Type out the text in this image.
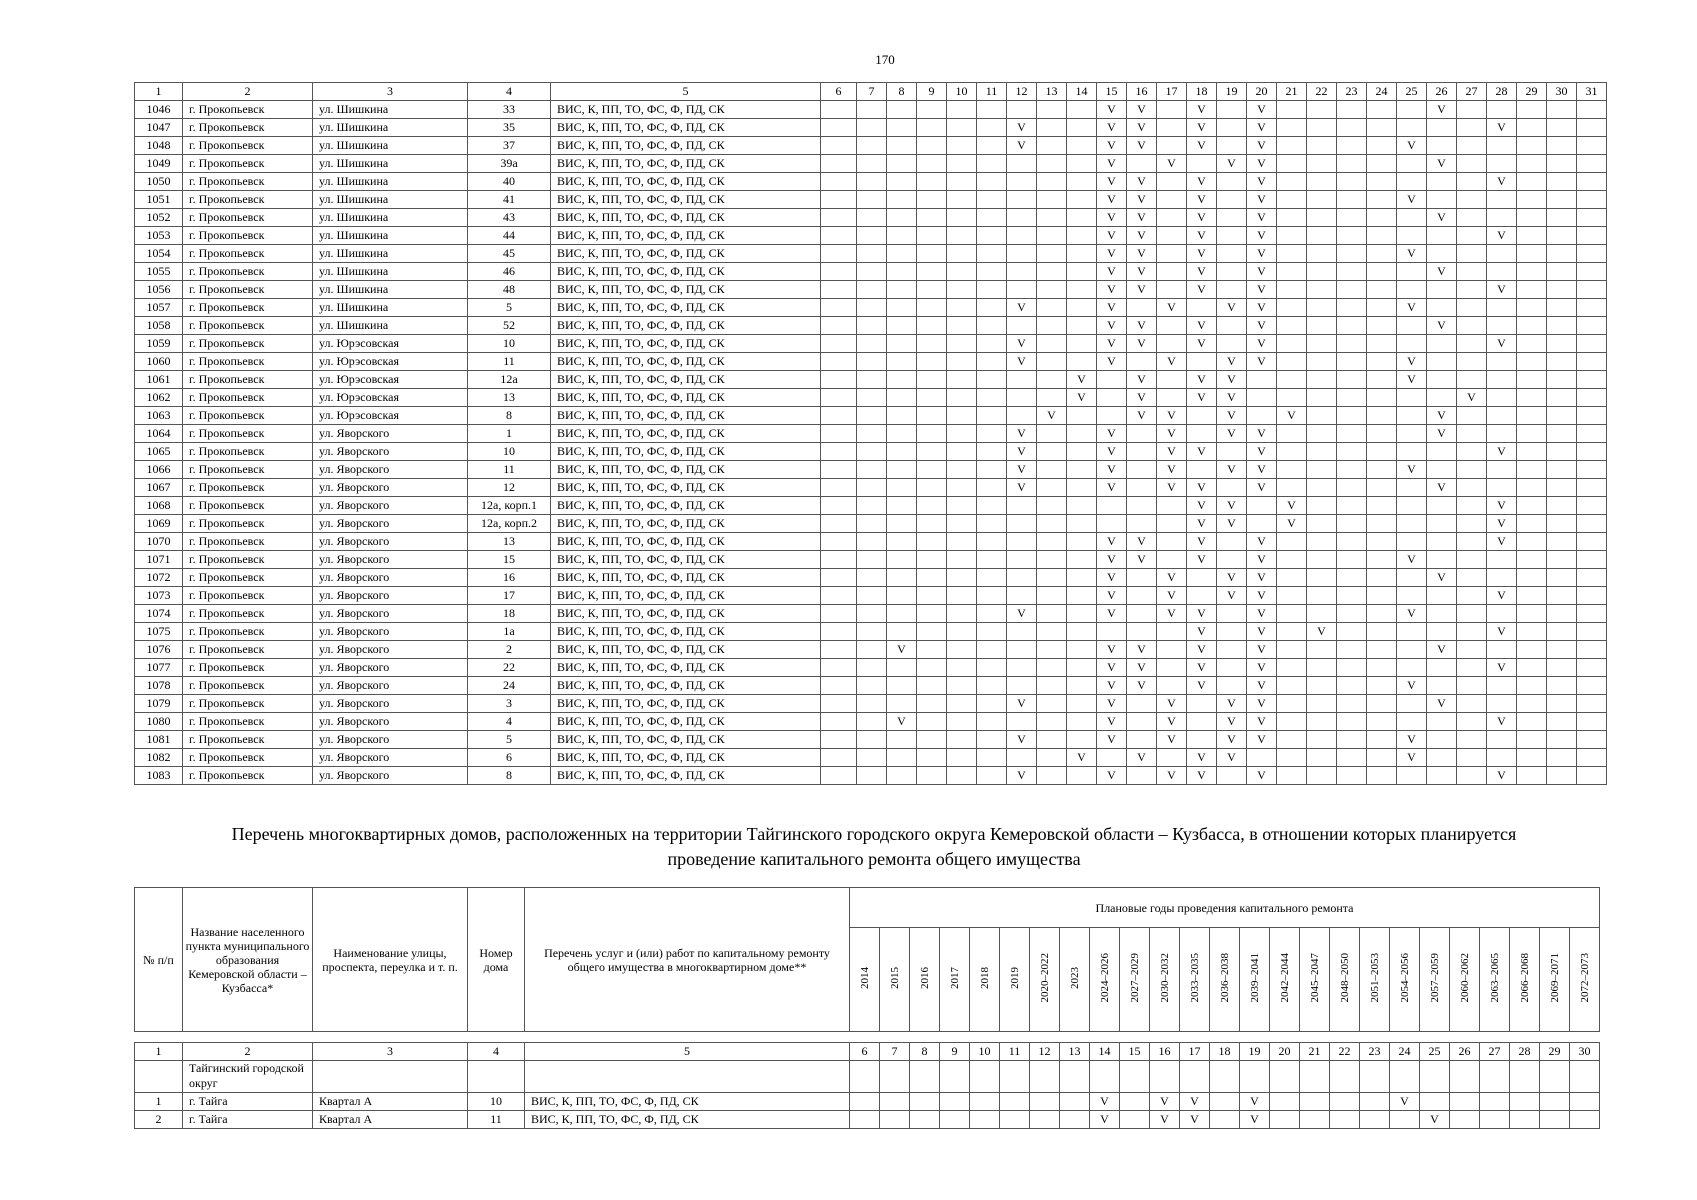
170
1	2	3	4	5	6	7	8	9	10	11	12	13	14	15	16	17	18	19	20	21	22	23	24	25	26	27	28	29	30	31
1046	г. Прокопьевск	ул. Шишкина	33	ВИС, К, ПП, ТО, ФС, Ф, ПД, СК										V	V		V		V						V					
1047	г. Прокопьевск	ул. Шишкина	35	ВИС, К, ПП, ТО, ФС, Ф, ПД, СК							V			V	V		V		V								V			
1048	г. Прокопьевск	ул. Шишкина	37	ВИС, К, ПП, ТО, ФС, Ф, ПД, СК							V			V	V		V		V					V						
1049	г. Прокопьевск	ул. Шишкина	39а	ВИС, К, ПП, ТО, ФС, Ф, ПД, СК										V		V		V	V						V					
1050	г. Прокопьевск	ул. Шишкина	40	ВИС, К, ПП, ТО, ФС, Ф, ПД, СК										V	V		V		V								V			
1051	г. Прокопьевск	ул. Шишкина	41	ВИС, К, ПП, ТО, ФС, Ф, ПД, СК										V	V		V		V					V						
1052	г. Прокопьевск	ул. Шишкина	43	ВИС, К, ПП, ТО, ФС, Ф, ПД, СК										V	V		V		V						V					
1053	г. Прокопьевск	ул. Шишкина	44	ВИС, К, ПП, ТО, ФС, Ф, ПД, СК										V	V		V		V								V			
1054	г. Прокопьевск	ул. Шишкина	45	ВИС, К, ПП, ТО, ФС, Ф, ПД, СК										V	V		V		V					V						
1055	г. Прокопьевск	ул. Шишкина	46	ВИС, К, ПП, ТО, ФС, Ф, ПД, СК										V	V		V		V						V					
1056	г. Прокопьевск	ул. Шишкина	48	ВИС, К, ПП, ТО, ФС, Ф, ПД, СК										V	V		V		V								V			
1057	г. Прокопьевск	ул. Шишкина	5	ВИС, К, ПП, ТО, ФС, Ф, ПД, СК							V			V		V		V	V					V						
1058	г. Прокопьевск	ул. Шишкина	52	ВИС, К, ПП, ТО, ФС, Ф, ПД, СК										V	V		V		V						V					
1059	г. Прокопьевск	ул. Юрэсовская	10	ВИС, К, ПП, ТО, ФС, Ф, ПД, СК							V			V	V		V		V								V			
1060	г. Прокопьевск	ул. Юрэсовская	11	ВИС, К, ПП, ТО, ФС, Ф, ПД, СК							V			V		V		V	V					V						
1061	г. Прокопьевск	ул. Юрэсовская	12а	ВИС, К, ПП, ТО, ФС, Ф, ПД, СК									V		V		V	V						V						
1062	г. Прокопьевск	ул. Юрэсовская	13	ВИС, К, ПП, ТО, ФС, Ф, ПД, СК									V		V		V	V								V				
1063	г. Прокопьевск	ул. Юрэсовская	8	ВИС, К, ПП, ТО, ФС, Ф, ПД, СК								V			V	V		V		V					V					
1064	г. Прокопьевск	ул. Яворского	1	ВИС, К, ПП, ТО, ФС, Ф, ПД, СК							V			V		V		V	V						V					
1065	г. Прокопьевск	ул. Яворского	10	ВИС, К, ПП, ТО, ФС, Ф, ПД, СК							V			V		V	V		V								V			
1066	г. Прокопьевск	ул. Яворского	11	ВИС, К, ПП, ТО, ФС, Ф, ПД, СК							V			V		V		V	V					V						
1067	г. Прокопьевск	ул. Яворского	12	ВИС, К, ПП, ТО, ФС, Ф, ПД, СК							V			V		V	V		V						V					
1068	г. Прокопьевск	ул. Яворского	12а, корп.1	ВИС, К, ПП, ТО, ФС, Ф, ПД, СК													V	V		V							V			
1069	г. Прокопьевск	ул. Яворского	12а, корп.2	ВИС, К, ПП, ТО, ФС, Ф, ПД, СК													V	V		V							V			
1070	г. Прокопьевск	ул. Яворского	13	ВИС, К, ПП, ТО, ФС, Ф, ПД, СК										V	V		V		V								V			
1071	г. Прокопьевск	ул. Яворского	15	ВИС, К, ПП, ТО, ФС, Ф, ПД, СК										V	V		V		V					V						
1072	г. Прокопьевск	ул. Яворского	16	ВИС, К, ПП, ТО, ФС, Ф, ПД, СК										V		V		V	V						V					
1073	г. Прокопьевск	ул. Яворского	17	ВИС, К, ПП, ТО, ФС, Ф, ПД, СК										V		V		V	V								V			
1074	г. Прокопьевск	ул. Яворского	18	ВИС, К, ПП, ТО, ФС, Ф, ПД, СК							V			V		V	V		V					V						
1075	г. Прокопьевск	ул. Яворского	1а	ВИС, К, ПП, ТО, ФС, Ф, ПД, СК													V		V		V						V			
1076	г. Прокопьевск	ул. Яворского	2	ВИС, К, ПП, ТО, ФС, Ф, ПД, СК			V							V	V		V		V						V					
1077	г. Прокопьевск	ул. Яворского	22	ВИС, К, ПП, ТО, ФС, Ф, ПД, СК										V	V		V		V								V			
1078	г. Прокопьевск	ул. Яворского	24	ВИС, К, ПП, ТО, ФС, Ф, ПД, СК										V	V		V		V					V						
1079	г. Прокопьевск	ул. Яворского	3	ВИС, К, ПП, ТО, ФС, Ф, ПД, СК							V			V		V		V	V						V					
1080	г. Прокопьевск	ул. Яворского	4	ВИС, К, ПП, ТО, ФС, Ф, ПД, СК			V							V		V		V	V								V			
1081	г. Прокопьевск	ул. Яворского	5	ВИС, К, ПП, ТО, ФС, Ф, ПД, СК							V			V		V		V	V					V						
1082	г. Прокопьевск	ул. Яворского	6	ВИС, К, ПП, ТО, ФС, Ф, ПД, СК									V		V		V	V						V						
1083	г. Прокопьевск	ул. Яворского	8	ВИС, К, ПП, ТО, ФС, Ф, ПД, СК							V			V		V	V		V								V			
Перечень многоквартирных домов, расположенных на территории Тайгинского городского округа Кемеровской области – Кузбасса, в отношении которых планируется
проведение капитального ремонта общего имущества
№ п/п	Название населенного пункта муниципального образования Кемеровской области – Кузбасса*	Наименование улицы, проспекта, переулка и т. п.	Номер дома	Перечень услуг и (или) работ по капитальному ремонту общего имущества в многоквартирном доме**	Плановые годы проведения капитального ремонта																								
					2014	2015	2016	2017	2018	2019	2020–2022	2023	2024–2026	2027–2029	2030–2032	2033–2035	2036–2038	2039–2041	2042–2044	2045–2047	2048–2050	2051–2053	2054–2056	2057–2059	2060–2062	2063–2065	2066–2068	2069–2071	2072–2073
1	2	3	4	5	6	7	8	9	10	11	12	13	14	15	16	17	18	19	20	21	22	23	24	25	26	27	28	29	30
	Тайгинский городской округ																												
1	г. Тайга	Квартал А	10	ВИС, К, ПП, ТО, ФС, Ф, ПД, СК									V		V	V		V					V						
2	г. Тайга	Квартал А	11	ВИС, К, ПП, ТО, ФС, Ф, ПД, СК									V		V	V		V						V					
